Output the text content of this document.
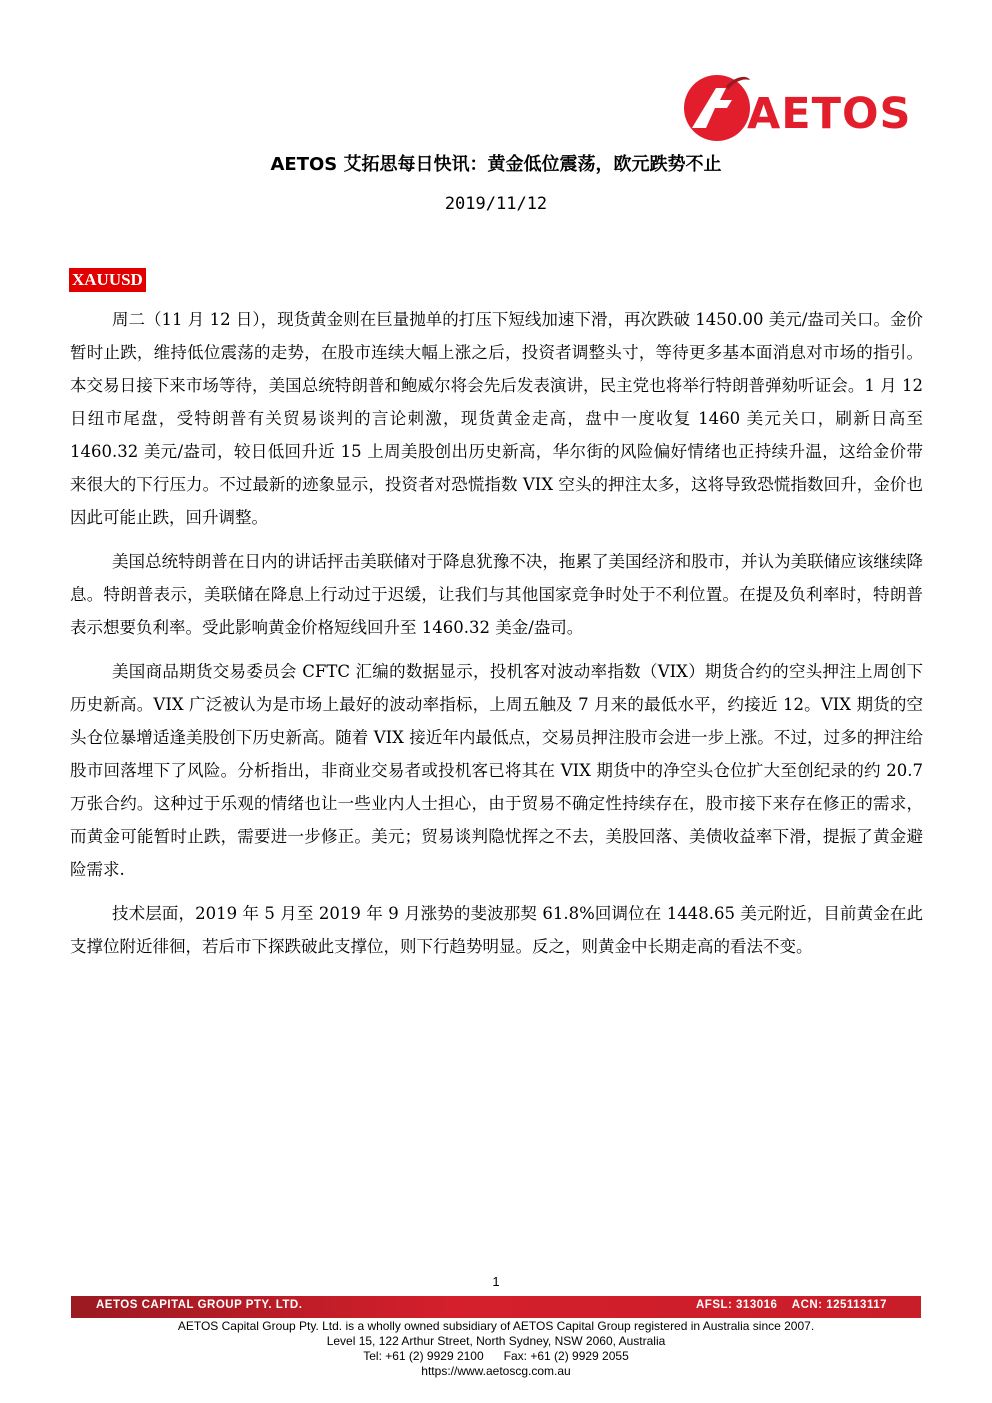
AETOS
AETOS 艾拓思每日快讯：黄金低位震荡，欧元跌势不止
2019/11/12
XAUUSD

周二（11 月 12 日），现货黄金则在巨量抛单的打压下短线加速下滑，再次跌破 1450.00 美元/盎司关口。金价暂时止跌，维持低位震荡的走势，在股市连续大幅上涨之后，投资者调整头寸，等待更多基本面消息对市场的指引。本交易日接下来市场等待，美国总统特朗普和鲍威尔将会先后发表演讲，民主党也将举行特朗普弹劾听证会。1 月 12 日纽市尾盘，受特朗普有关贸易谈判的言论刺激，现货黄金走高，盘中一度收复 1460 美元关口，刷新日高至 1460.32 美元/盎司，较日低回升近 15 上周美股创出历史新高，华尔街的风险偏好情绪也正持续升温，这给金价带来很大的下行压力。不过最新的迹象显示，投资者对恐慌指数 VIX 空头的押注太多，这将导致恐慌指数回升，金价也因此可能止跌，回升调整。

美国总统特朗普在日内的讲话抨击美联储对于降息犹豫不决，拖累了美国经济和股市，并认为美联储应该继续降息。特朗普表示，美联储在降息上行动过于迟缓，让我们与其他国家竞争时处于不利位置。在提及负利率时，特朗普表示想要负利率。受此影响黄金价格短线回升至 1460.32 美金/盎司。

美国商品期货交易委员会 CFTC 汇编的数据显示，投机客对波动率指数（VIX）期货合约的空头押注上周创下历史新高。VIX 广泛被认为是市场上最好的波动率指标，上周五触及 7 月来的最低水平，约接近 12。VIX 期货的空头仓位暴增适逢美股创下历史新高。随着 VIX 接近年内最低点，交易员押注股市会进一步上涨。不过，过多的押注给股市回落埋下了风险。分析指出，非商业交易者或投机客已将其在 VIX 期货中的净空头仓位扩大至创纪录的约 20.7 万张合约。这种过于乐观的情绪也让一些业内人士担心，由于贸易不确定性持续存在，股市接下来存在修正的需求，而黄金可能暂时止跌，需要进一步修正。美元；贸易谈判隐忧挥之不去，美股回落、美债收益率下滑，提振了黄金避险需求.

技术层面，2019 年 5 月至 2019 年 9 月涨势的斐波那契 61.8%回调位在 1448.65 美元附近，目前黄金在此支撑位附近徘徊，若后市下探跌破此支撑位，则下行趋势明显。反之，则黄金中长期走高的看法不变。

1
AETOS CAPITAL GROUP PTY. LTD.	AFSL: 313016    ACN: 125113117
AETOS Capital Group Pty. Ltd. is a wholly owned subsidiary of AETOS Capital Group registered in Australia since 2007.
Level 15, 122 Arthur Street, North Sydney, NSW 2060, Australia
Tel: +61 (2) 9929 2100      Fax: +61 (2) 9929 2055
https://www.aetoscg.com.au
